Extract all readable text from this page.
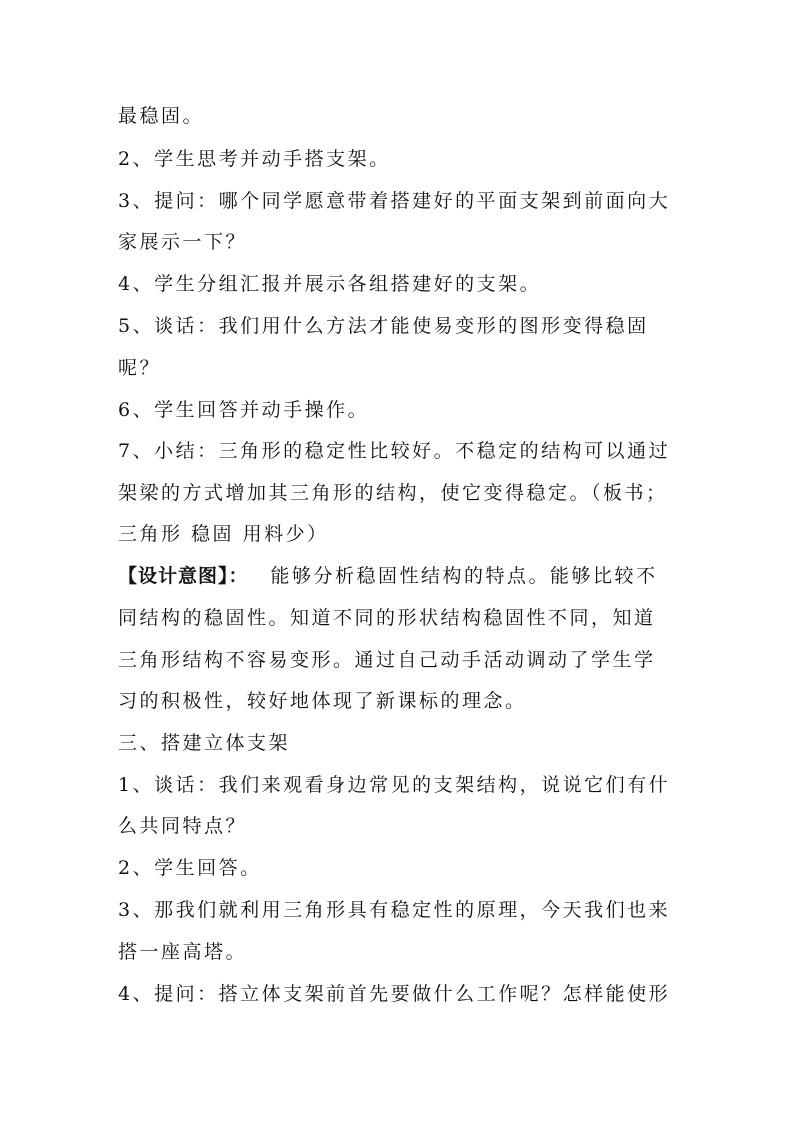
最稳固。
2、学生思考并动手搭支架。
3、提问：哪个同学愿意带着搭建好的平面支架到前面向大
家展示一下？
4、学生分组汇报并展示各组搭建好的支架。
5、谈话：我们用什么方法才能使易变形的图形变得稳固
呢？
6、学生回答并动手操作。
7、小结：三角形的稳定性比较好。不稳定的结构可以通过
架梁的方式增加其三角形的结构，使它变得稳定。（板书；
三角形 稳固 用料少）
【设计意图】： 能够分析稳固性结构的特点。能够比较不
同结构的稳固性。知道不同的形状结构稳固性不同，知道
三角形结构不容易变形。通过自己动手活动调动了学生学
习的积极性，较好地体现了新课标的理念。
三、搭建立体支架
1、谈话：我们来观看身边常见的支架结构，说说它们有什
么共同特点？
2、学生回答。
3、那我们就利用三角形具有稳定性的原理，今天我们也来
搭一座高塔。
4、提问：搭立体支架前首先要做什么工作呢？怎样能使形
